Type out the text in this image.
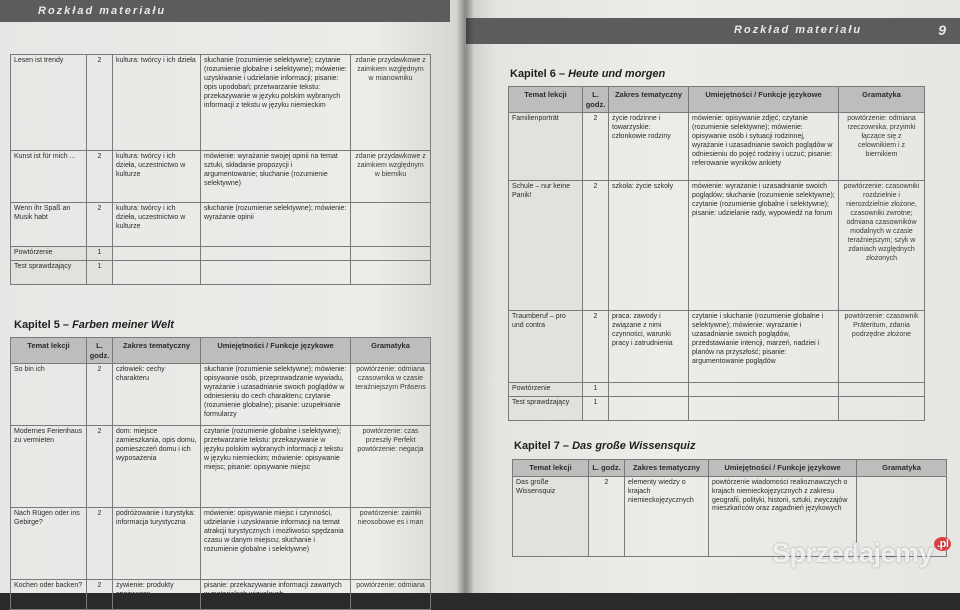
Rozkład materiału
Lesen ist trendy	2	kultura: twórcy i ich dzieła	słuchanie (rozumienie selektywne); czytanie (rozumienie globalne i selektywne); mówienie: uzyskiwanie i udzielanie informacji; pisanie: opis upodobań; przetwarzanie tekstu: przekazywanie w języku polskim wybranych informacji z tekstu w języku niemieckim	zdanie przydawkowe z zaimkiem względnym w mianowniku
Kunst ist für mich ...	2	kultura: twórcy i ich dzieła, uczestnictwo w kulturze	mówienie: wyrażanie swojej opinii na temat sztuki, składanie propozycji i argumentowanie; słuchanie (rozumienie selektywne)	zdanie przydawkowe z zaimkiem względnym w bierniku
Wenn ihr Spaß an Musik habt	2	kultura: twórcy i ich dzieła, uczestnictwo w kulturze	słuchanie (rozumienie selektywne); mówienie: wyrażanie opinii	
Powtórzenie	1			
Test sprawdzający	1			
Kapitel 5 – Farben meiner Welt
Temat lekcji	L. godz.	Zakres tematyczny	Umiejętności / Funkcje językowe	Gramatyka
So bin ich	2	człowiek: cechy charakteru	słuchanie (rozumienie selektywne); mówienie: opisywanie osób, przeprowadzanie wywiadu, wyrażanie i uzasadnianie swoich poglądów w odniesieniu do cech charakteru; czytanie (rozumienie globalne); pisanie: uzupełnianie formularzy	powtórzenie: odmiana czasownika w czasie teraźniejszym Präsens
Modernes Ferienhaus zu vermieten	2	dom: miejsce zamieszkania, opis domu, pomieszczeń domu i ich wyposażenia	czytanie (rozumienie globalne i selektywne); przetwarzanie tekstu: przekazywanie w języku polskim wybranych informacji z tekstu w języku niemieckim; mówienie: opisywanie miejsc; pisanie: opisywanie miejsc	powtórzenie: czas przeszły Perfekt powtórzenie: negacja
Nach Rügen oder ins Gebirge?	2	podróżowanie i turystyka: informacja turystyczna	mówienie: opisywanie miejsc i czynności, udzielanie i uzyskiwanie informacji na temat atrakcji turystycznych i możliwości spędzania czasu w danym miejscu; słuchanie i rozumienie globalne i selektywne)	powtórzenie: zaimki nieosobowe es i man
Kochen oder backen?	2	żywienie: produkty spożywcze	pisanie: przekazywanie informacji zawartych w materiałach wizualnych	powtórzenie: odmiana
Rozkład materiału	9
Kapitel 6 – Heute und morgen
Temat lekcji	L. godz.	Zakres tematyczny	Umiejętności / Funkcje językowe	Gramatyka
Familienporträt	2	życie rodzinne i towarzyskie: członkowie rodziny	mówienie: opisywanie zdjęć; czytanie (rozumienie selektywne); mówienie: opisywanie osób i sytuacji rodzinnej, wyrażanie i uzasadnianie swoich poglądów w odniesieniu do pojęć rodziny i uczuć; pisanie: referowanie wyników ankiety	powtórzenie: odmiana rzeczownika, przyimki łączące się z celownikiem i z biernikiem
Schule – nur keine Panik!	2	szkoła: życie szkoły	mówienie: wyrażanie i uzasadnianie swoich poglądów; słuchanie (rozumienie selektywne); czytanie (rozumienie globalne i selektywne); pisanie: udzielanie rady, wypowiedź na forum	powtórzenie: czasowniki rozdzielnie i nierozdzielnie złożone, czasowniki zwrotne; odmiana czasowników modalnych w czasie teraźniejszym; szyk w zdaniach względnych złożonych
Traumberuf – pro und contra	2	praca: zawody i związane z nimi czynności, warunki pracy i zatrudnienia	czytanie i słuchanie (rozumienie globalne i selektywne); mówienie: wyrażanie i uzasadnianie swoich poglądów, przedstawianie intencji, marzeń, nadziei i planów na przyszłość; pisanie: argumentowanie poglądów	powtórzenie: czasownik Präteritum, zdania podrzędne złożone
Powtórzenie	1			
Test sprawdzający	1			
Kapitel 7 – Das große Wissensquiz
Temat lekcji	L. godz.	Zakres tematyczny	Umiejętności / Funkcje językowe	Gramatyka
Das große Wissensquiz	2	elementy wiedzy o krajach niemieckojęzycznych	powtórzenie wiadomości realioznawczych o krajach niemieckojęzycznych z zakresu geografii, polityki, historii, sztuki, zwyczajów mieszkańców oraz zagadnień językowych	
Sprzedajemy $^{.pl}$
